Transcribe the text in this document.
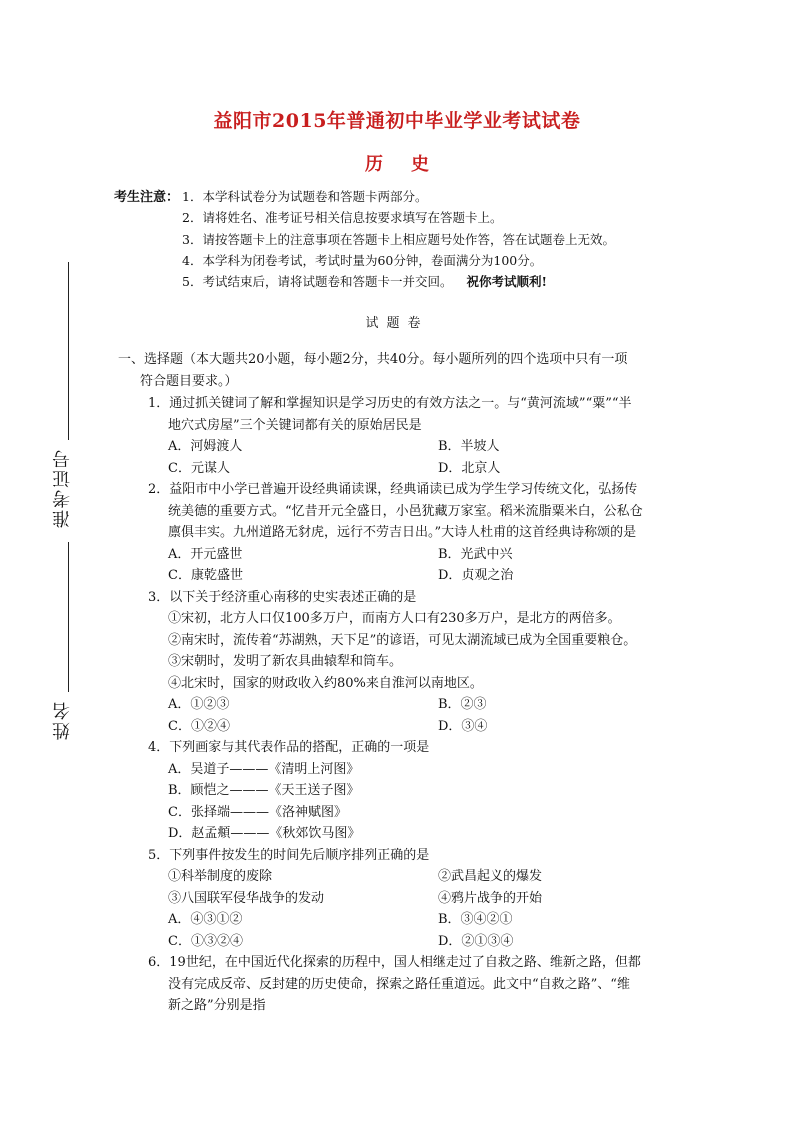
准考证号
姓名
益阳市2015年普通初中毕业学业考试试卷
历史
考生注意： 1．本学科试卷分为试题卷和答题卡两部分。
2．请将姓名、准考证号相关信息按要求填写在答题卡上。
3．请按答题卡上的注意事项在答题卡上相应题号处作答，答在试题卷上无效。
4．本学科为闭卷考试，考试时量为60分钟，卷面满分为100分。
5．考试结束后，请将试题卷和答题卡一并交回。 祝你考试顺利!
试题卷
一、选择题（本大题共20小题，每小题2分，共40分。每小题所列的四个选项中只有一项
符合题目要求。）
1．通过抓关键词了解和掌握知识是学习历史的有效方法之一。与“黄河流域”“粟”“半
地穴式房屋”三个关键词都有关的原始居民是
A．河姆渡人	B．半坡人
C．元谋人	D．北京人
2．益阳市中小学已普遍开设经典诵读课，经典诵读已成为学生学习传统文化，弘扬传
统美德的重要方式。“忆昔开元全盛日，小邑犹藏万家室。稻米流脂粟米白，公私仓
廪俱丰实。九州道路无豺虎，远行不劳吉日出。”大诗人杜甫的这首经典诗称颂的是
A．开元盛世	B．光武中兴
C．康乾盛世	D．贞观之治
3．以下关于经济重心南移的史实表述正确的是
①宋初，北方人口仅100多万户，而南方人口有230多万户，是北方的两倍多。
②南宋时，流传着“苏湖熟，天下足”的谚语，可见太湖流域已成为全国重要粮仓。
③宋朝时，发明了新农具曲辕犁和筒车。
④北宋时，国家的财政收入约80%来自淮河以南地区。
A．①②③	B．②③
C．①②④	D．③④
4．下列画家与其代表作品的搭配，正确的一项是
A．吴道子———《清明上河图》
B．顾恺之———《天王送子图》
C．张择端———《洛神赋图》
D．赵孟頫———《秋郊饮马图》
5．下列事件按发生的时间先后顺序排列正确的是
①科举制度的废除	②武昌起义的爆发
③八国联军侵华战争的发动	④鸦片战争的开始
A．④③①②	B．③④②①
C．①③②④	D．②①③④
6．19世纪，在中国近代化探索的历程中，国人相继走过了自救之路、维新之路，但都
没有完成反帝、反封建的历史使命，探索之路任重道远。此文中“自救之路”、“维
新之路”分别是指
